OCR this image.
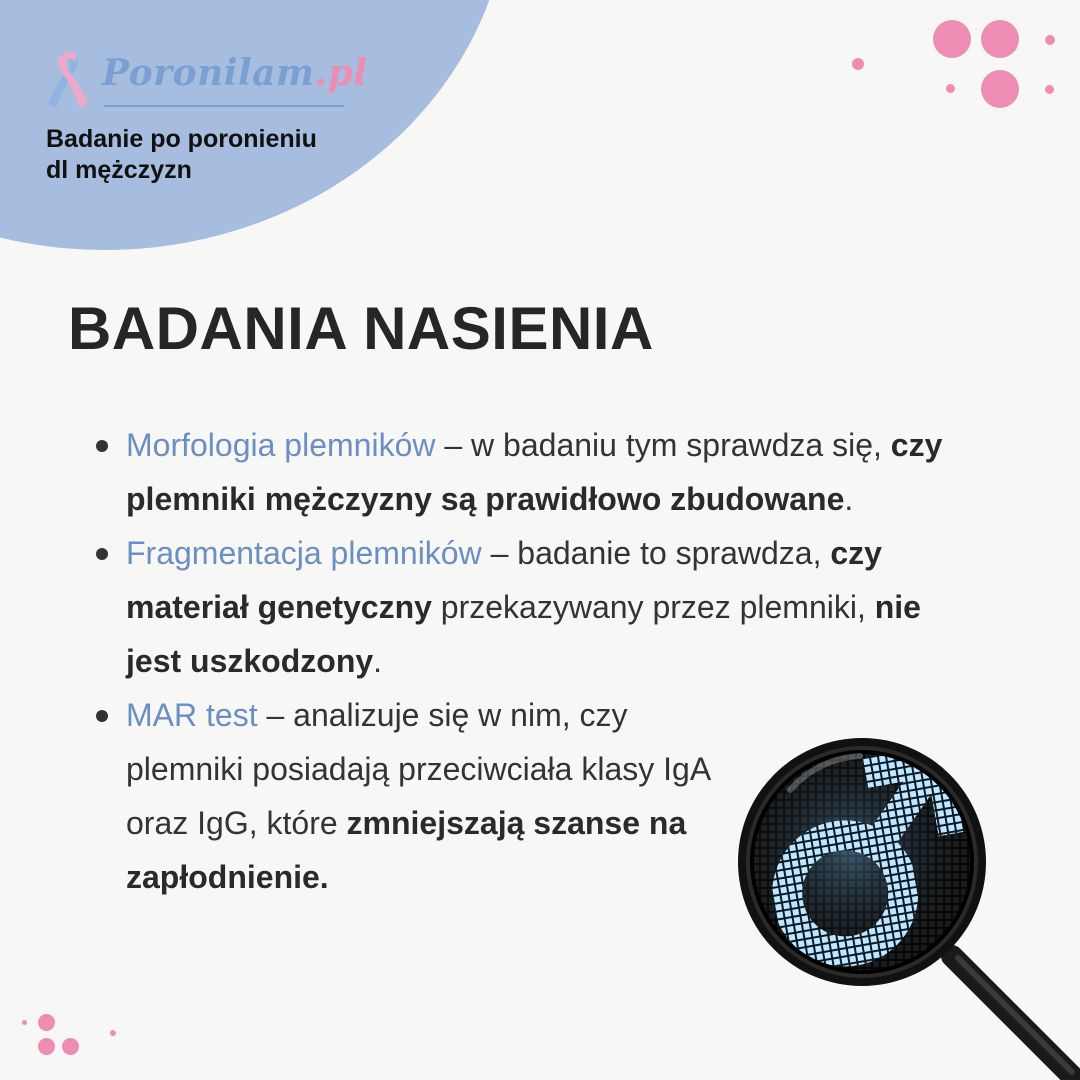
Poronilam.pl
Badanie po poronieniu
dl mężczyzn
BADANIA NASIENIA
Morfologia plemników – w badaniu tym sprawdza się, czy plemniki mężczyzny są prawidłowo zbudowane.
Fragmentacja plemników – badanie to sprawdza, czy materiał genetyczny przekazywany przez plemniki, nie jest uszkodzony.
MAR test – analizuje się w nim, czy plemniki posiadają przeciwciała klasy IgA oraz IgG, które zmniejszają szanse na zapłodnienie.
